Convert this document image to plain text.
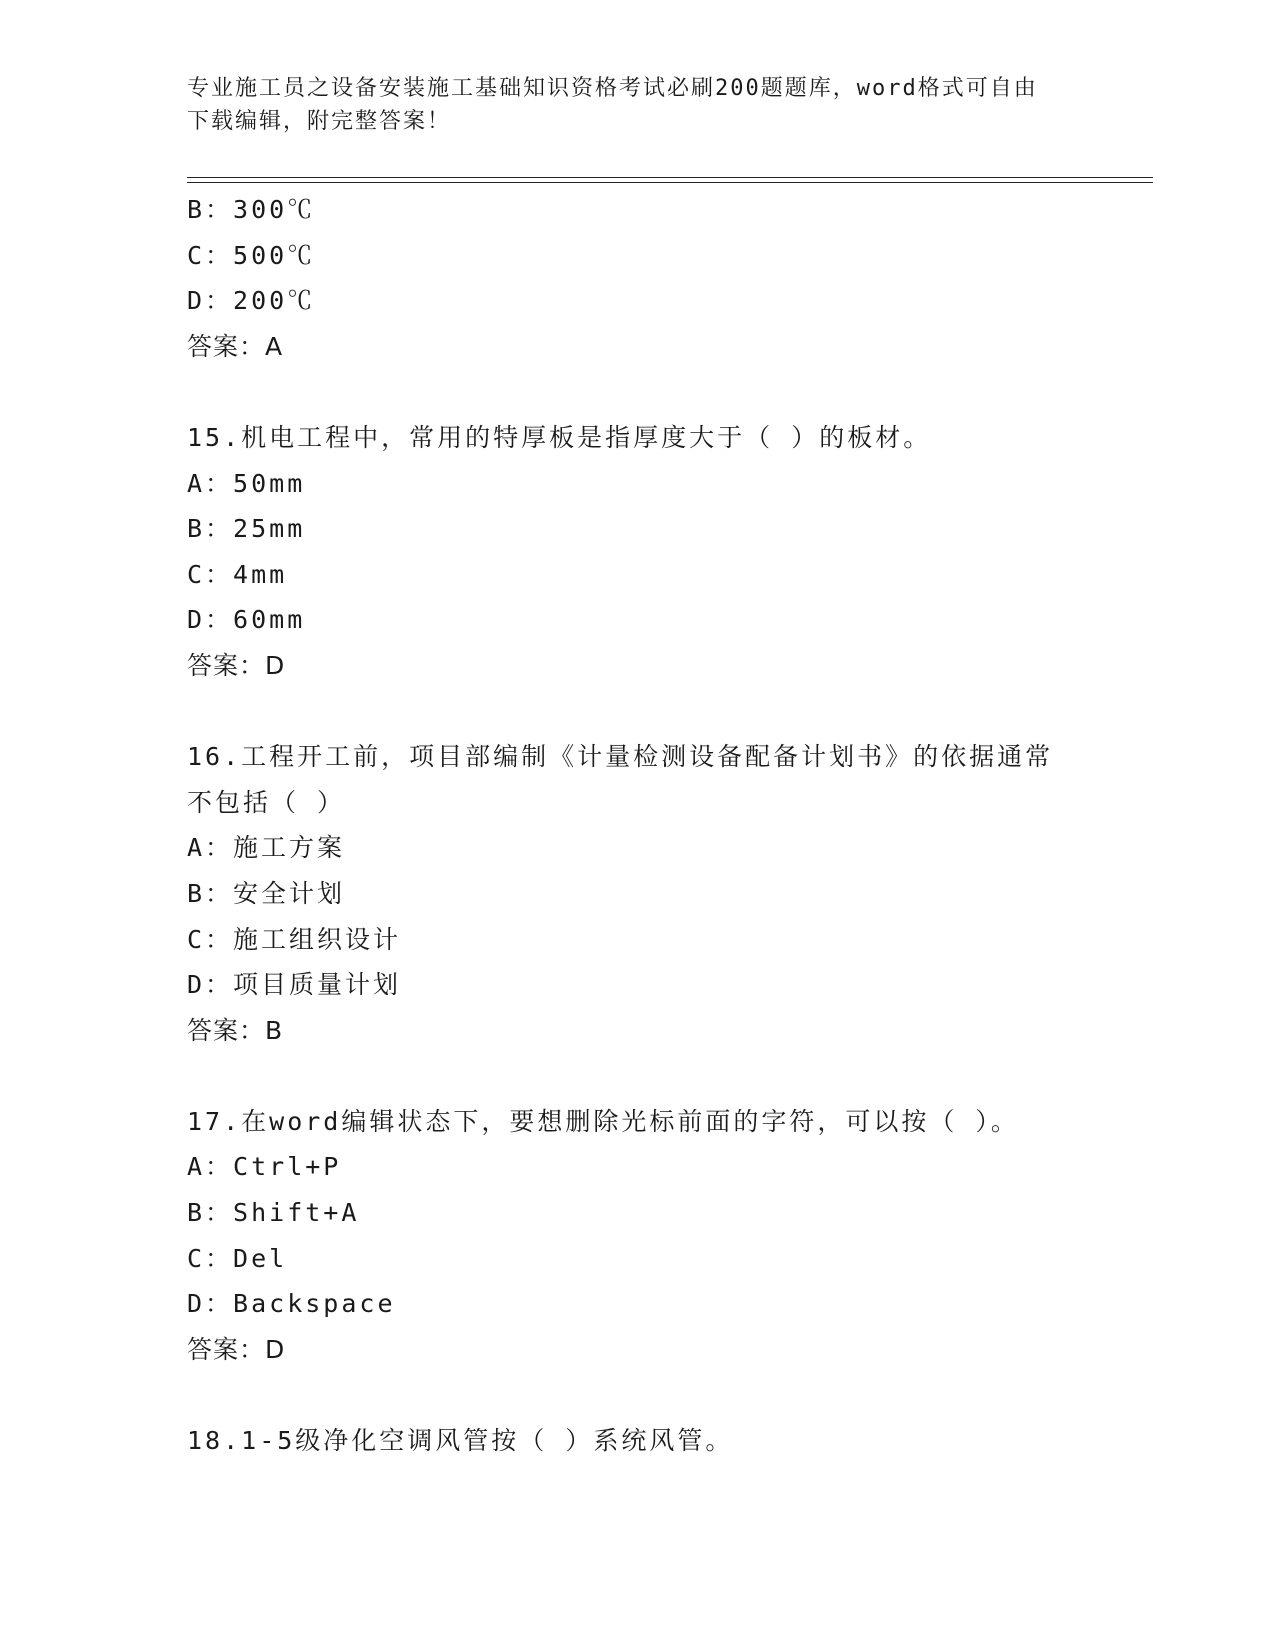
专业施工员之设备安装施工基础知识资格考试必刷200题题库，word格式可自由
下载编辑，附完整答案！
B：300℃
C：500℃
D：200℃
答案：A
15.机电工程中，常用的特厚板是指厚度大于（ ）的板材。
A：50mm
B：25mm
C：4mm
D：60mm
答案：D
16.工程开工前，项目部编制《计量检测设备配备计划书》的依据通常
不包括（ ）
A：施工方案
B：安全计划
C：施工组织设计
D：项目质量计划
答案：B
17.在word编辑状态下，要想删除光标前面的字符，可以按（ ）。
A：Ctrl+P
B：Shift+A
C：Del
D：Backspace
答案：D
18.1-5级净化空调风管按（ ）系统风管。
